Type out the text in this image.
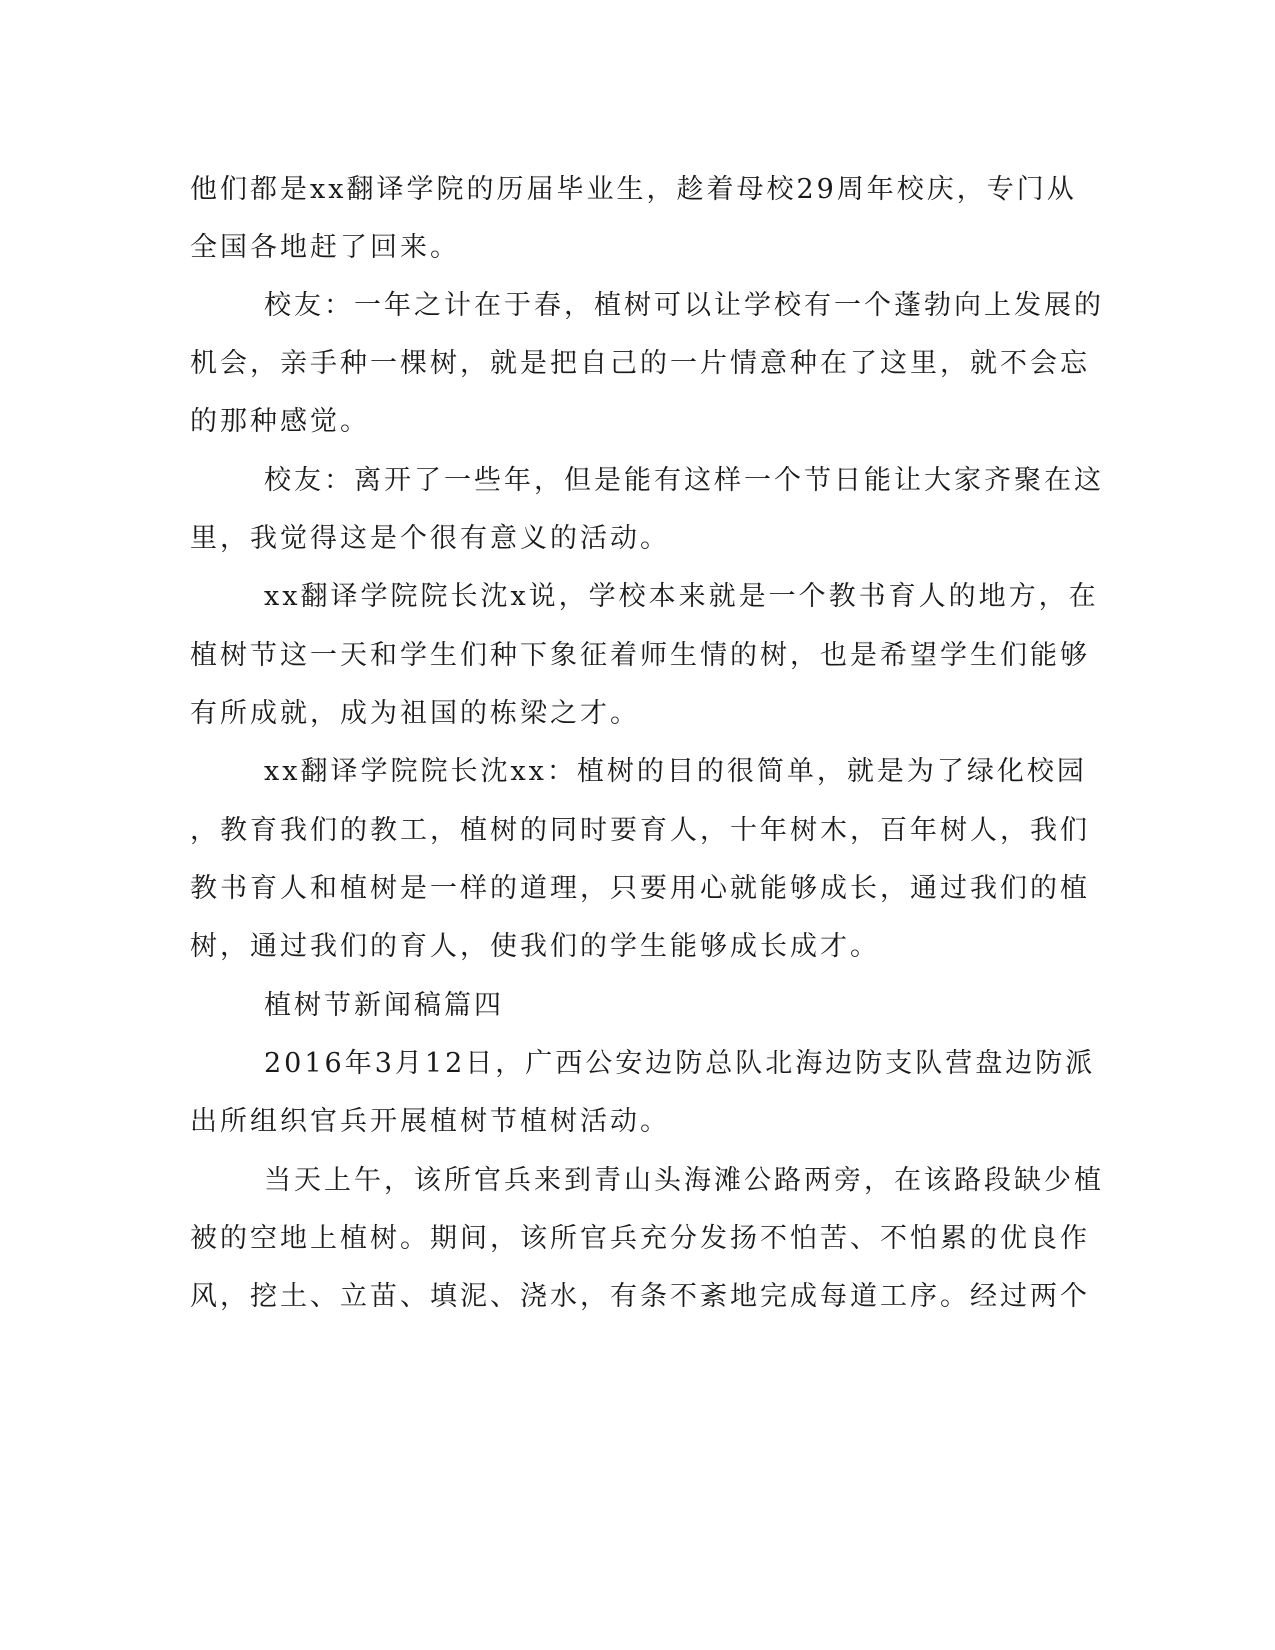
他们都是xx翻译学院的历届毕业生，趁着母校29周年校庆，专门从

全国各地赶了回来。

校友：一年之计在于春，植树可以让学校有一个蓬勃向上发展的

机会，亲手种一棵树，就是把自己的一片情意种在了这里，就不会忘

的那种感觉。

校友：离开了一些年，但是能有这样一个节日能让大家齐聚在这

里，我觉得这是个很有意义的活动。

xx翻译学院院长沈x说，学校本来就是一个教书育人的地方，在

植树节这一天和学生们种下象征着师生情的树，也是希望学生们能够

有所成就，成为祖国的栋梁之才。

xx翻译学院院长沈xx：植树的目的很简单，就是为了绿化校园

，教育我们的教工，植树的同时要育人，十年树木，百年树人，我们

教书育人和植树是一样的道理，只要用心就能够成长，通过我们的植

树，通过我们的育人，使我们的学生能够成长成才。

植树节新闻稿篇四

2016年3月12日，广西公安边防总队北海边防支队营盘边防派

出所组织官兵开展植树节植树活动。

当天上午，该所官兵来到青山头海滩公路两旁，在该路段缺少植

被的空地上植树。期间，该所官兵充分发扬不怕苦、不怕累的优良作

风，挖土、立苗、填泥、浇水，有条不紊地完成每道工序。经过两个
